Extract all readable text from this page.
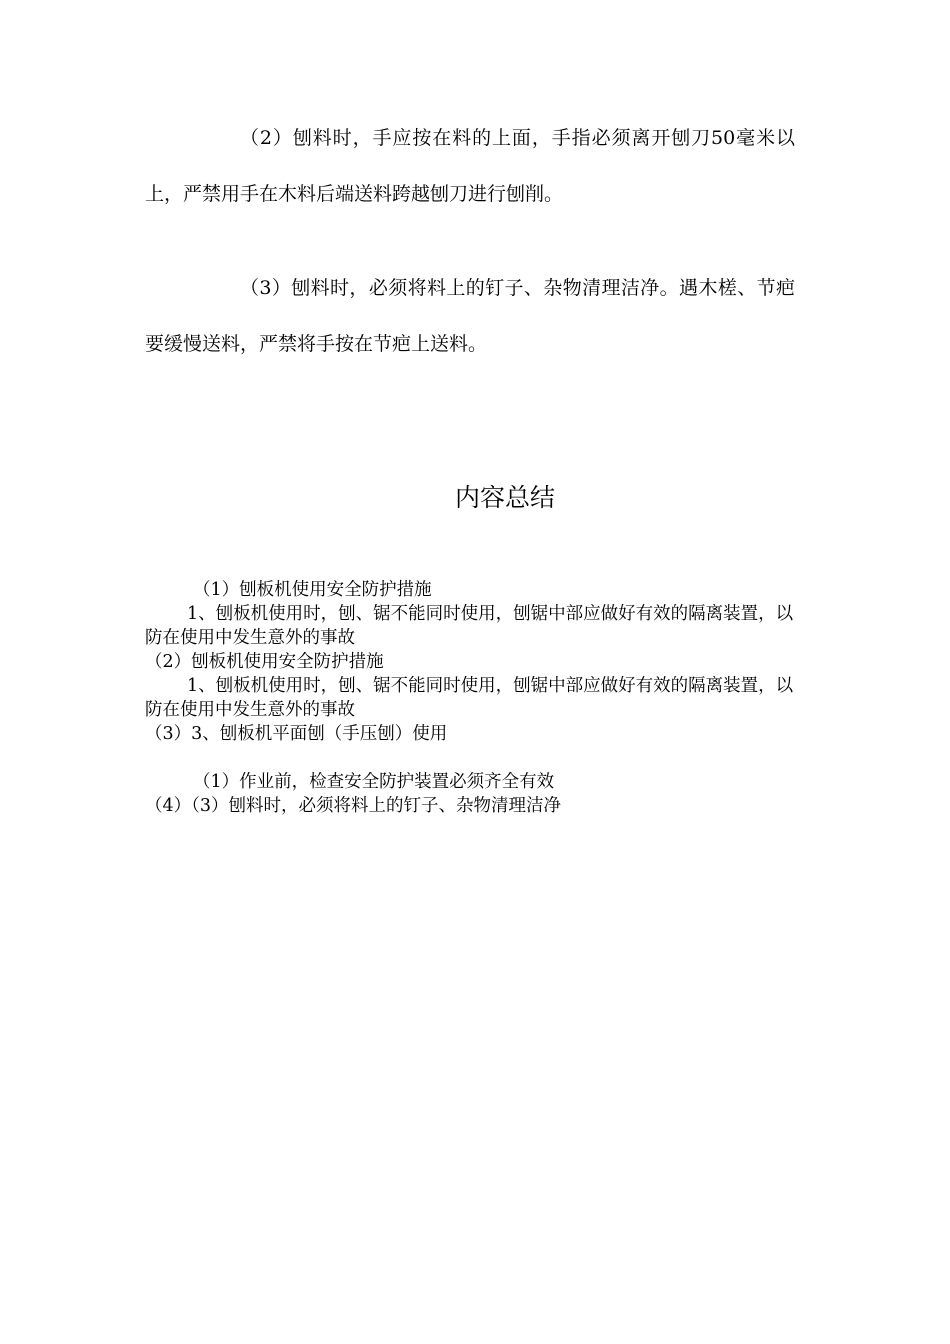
（2）刨料时，手应按在料的上面，手指必须离开刨刀50毫米以上，严禁用手在木料后端送料跨越刨刀进行刨削。

（3）刨料时，必须将料上的钉子、杂物清理洁净。遇木槎、节疤要缓慢送料，严禁将手按在节疤上送料。

内容总结
（1）刨板机使用安全防护措施
1、刨板机使用时，刨、锯不能同时使用，刨锯中部应做好有效的隔离装置，以防在使用中发生意外的事故
（2）刨板机使用安全防护措施
1、刨板机使用时，刨、锯不能同时使用，刨锯中部应做好有效的隔离装置，以防在使用中发生意外的事故
（3）3、刨板机平面刨（手压刨）使用
（1）作业前，检查安全防护装置必须齐全有效
（4）（3）刨料时，必须将料上的钉子、杂物清理洁净
